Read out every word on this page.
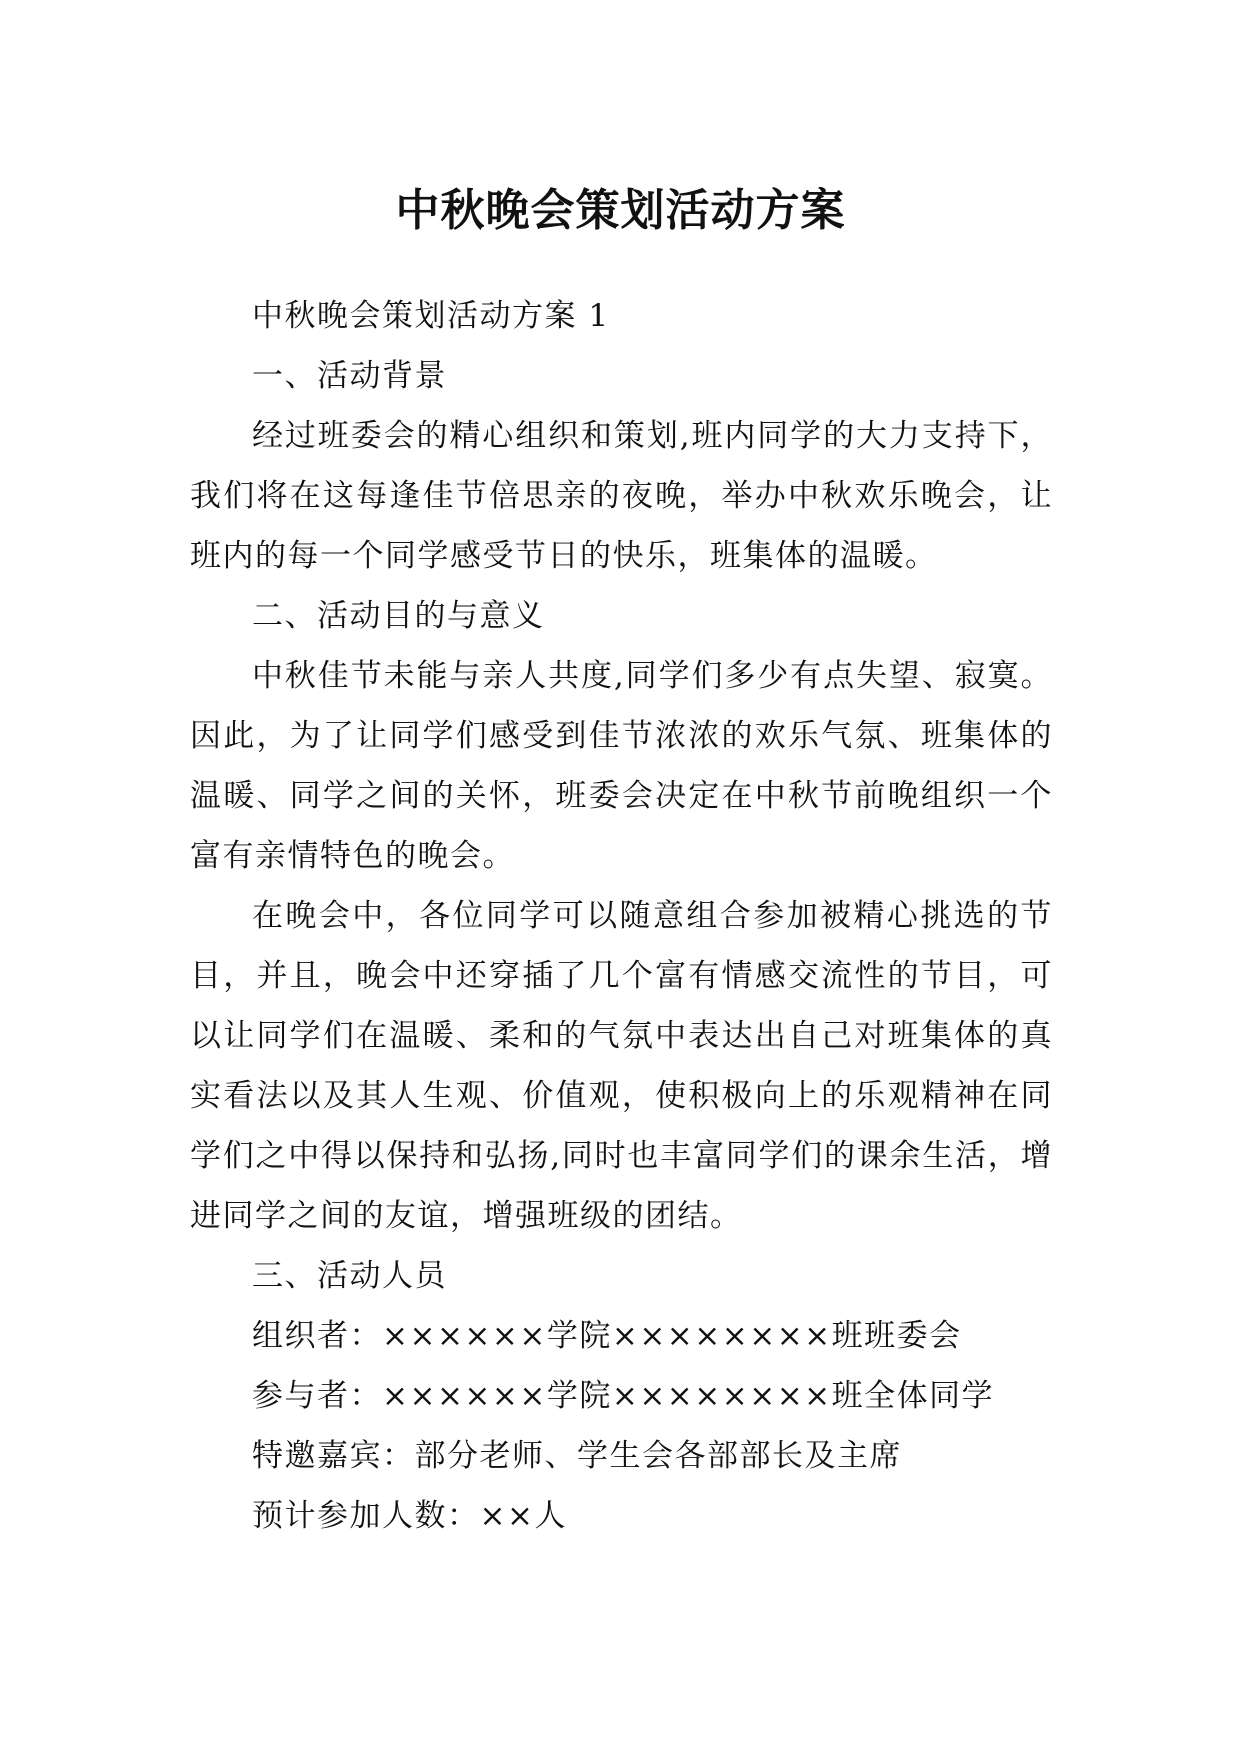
中秋晚会策划活动方案

中秋晚会策划活动方案 1

一、活动背景

经过班委会的精心组织和策划,班内同学的大力支持下，我们将在这每逢佳节倍思亲的夜晚，举办中秋欢乐晚会，让班内的每一个同学感受节日的快乐，班集体的温暖。

二、活动目的与意义

中秋佳节未能与亲人共度,同学们多少有点失望、寂寞。因此，为了让同学们感受到佳节浓浓的欢乐气氛、班集体的温暖、同学之间的关怀，班委会决定在中秋节前晚组织一个富有亲情特色的晚会。

在晚会中，各位同学可以随意组合参加被精心挑选的节目，并且，晚会中还穿插了几个富有情感交流性的节目，可以让同学们在温暖、柔和的气氛中表达出自己对班集体的真实看法以及其人生观、价值观，使积极向上的乐观精神在同学们之中得以保持和弘扬,同时也丰富同学们的课余生活，增进同学之间的友谊，增强班级的团结。

三、活动人员

组织者：××××××学院××××××××班班委会

参与者：××××××学院××××××××班全体同学

特邀嘉宾：部分老师、学生会各部部长及主席

预计参加人数：××人
